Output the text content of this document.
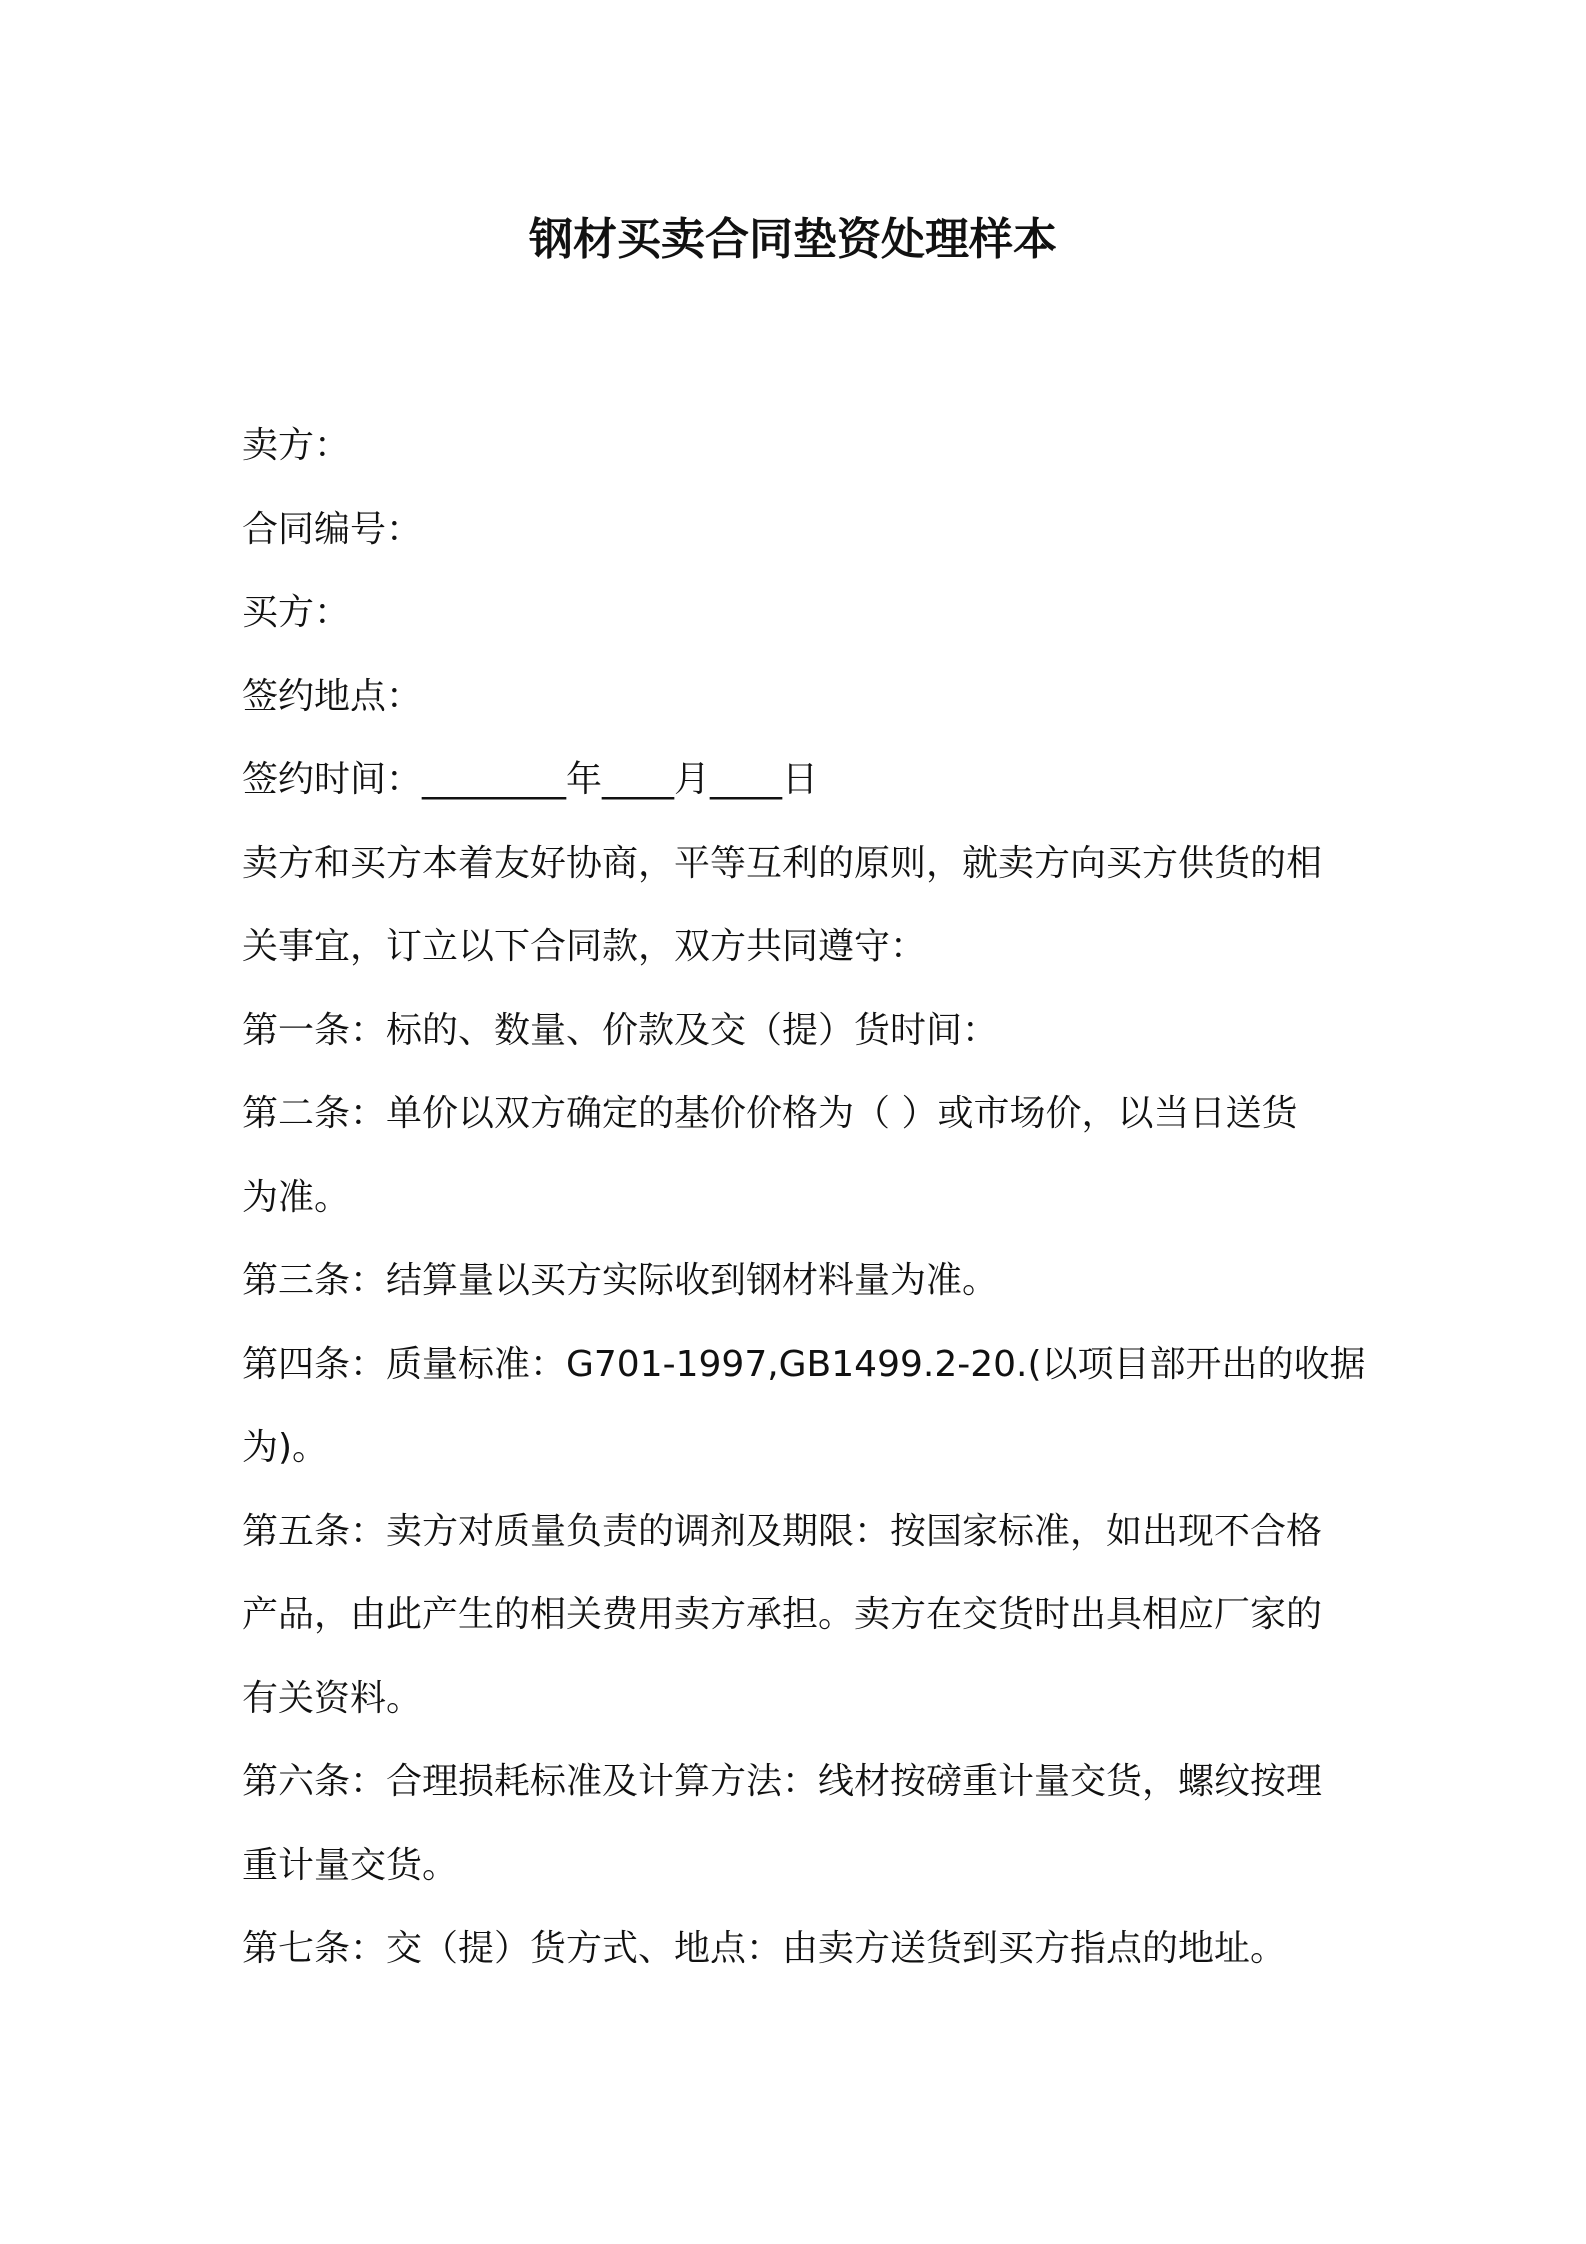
钢材买卖合同垫资处理样本
卖方：
合同编号：
买方：
签约地点：
签约时间：________年____月____日
卖方和买方本着友好协商，平等互利的原则，就卖方向买方供货的相
关事宜，订立以下合同款，双方共同遵守：
第一条：标的、数量、价款及交（提）货时间：
第二条：单价以双方确定的基价价格为（ ）或市场价，以当日送货
为准。
第三条：结算量以买方实际收到钢材料量为准。
第四条：质量标准：G701-1997,GB1499.2-20.(以项目部开出的收据
为)。
第五条：卖方对质量负责的调剂及期限：按国家标准，如出现不合格
产品，由此产生的相关费用卖方承担。卖方在交货时出具相应厂家的
有关资料。
第六条：合理损耗标准及计算方法：线材按磅重计量交货，螺纹按理
重计量交货。
第七条：交（提）货方式、地点：由卖方送货到买方指点的地址。
